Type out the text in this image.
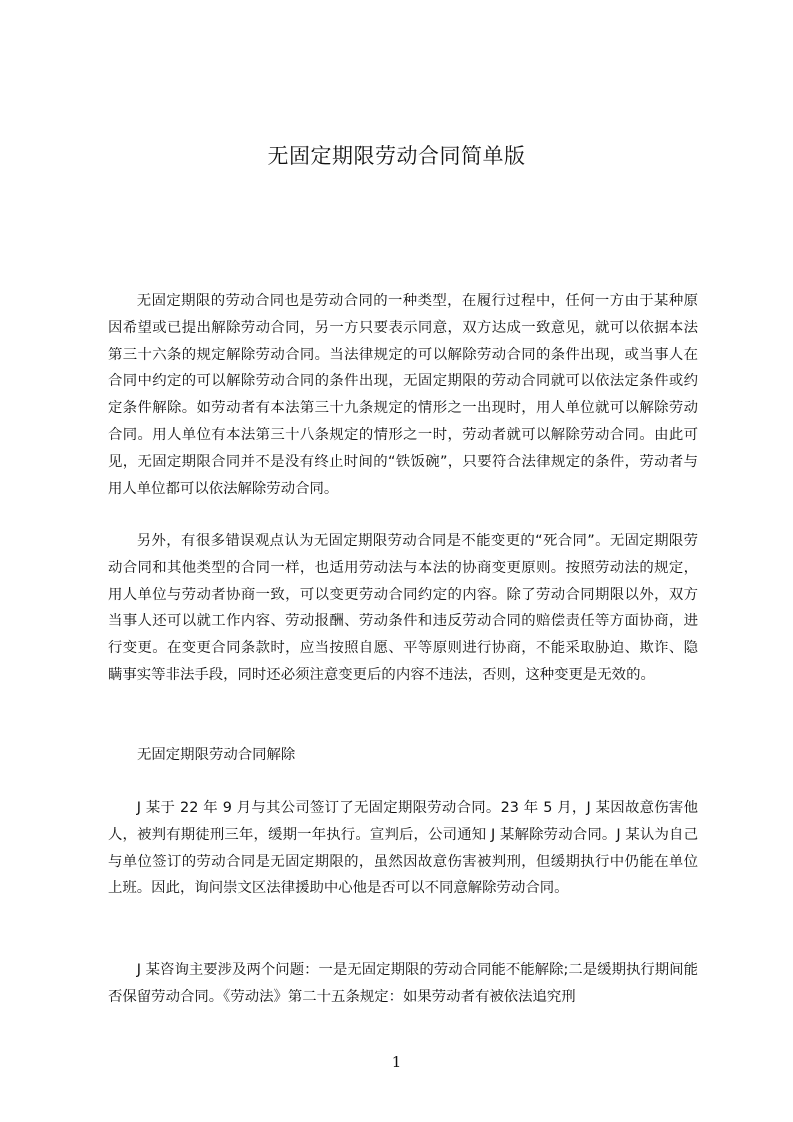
无固定期限劳动合同简单版

无固定期限的劳动合同也是劳动合同的一种类型，在履行过程中，任何一方由于某种原因希望或已提出解除劳动合同，另一方只要表示同意，双方达成一致意见，就可以依据本法第三十六条的规定解除劳动合同。当法律规定的可以解除劳动合同的条件出现，或当事人在合同中约定的可以解除劳动合同的条件出现，无固定期限的劳动合同就可以依法定条件或约定条件解除。如劳动者有本法第三十九条规定的情形之一出现时，用人单位就可以解除劳动合同。用人单位有本法第三十八条规定的情形之一时，劳动者就可以解除劳动合同。由此可见，无固定期限合同并不是没有终止时间的“铁饭碗”，只要符合法律规定的条件，劳动者与用人单位都可以依法解除劳动合同。

另外，有很多错误观点认为无固定期限劳动合同是不能变更的“死合同”。无固定期限劳动合同和其他类型的合同一样，也适用劳动法与本法的协商变更原则。按照劳动法的规定，用人单位与劳动者协商一致，可以变更劳动合同约定的内容。除了劳动合同期限以外，双方当事人还可以就工作内容、劳动报酬、劳动条件和违反劳动合同的赔偿责任等方面协商，进行变更。在变更合同条款时，应当按照自愿、平等原则进行协商，不能采取胁迫、欺诈、隐瞒事实等非法手段，同时还必须注意变更后的内容不违法，否则，这种变更是无效的。

无固定期限劳动合同解除

J 某于 22 年 9 月与其公司签订了无固定期限劳动合同。23 年 5 月，J 某因故意伤害他人，被判有期徒刑三年，缓期一年执行。宣判后，公司通知 J 某解除劳动合同。J 某认为自己与单位签订的劳动合同是无固定期限的，虽然因故意伤害被判刑，但缓期执行中仍能在单位上班。因此，询问崇文区法律援助中心他是否可以不同意解除劳动合同。

J 某咨询主要涉及两个问题：一是无固定期限的劳动合同能不能解除;二是缓期执行期间能否保留劳动合同。《劳动法》第二十五条规定：如果劳动者有被依法追究刑

1
